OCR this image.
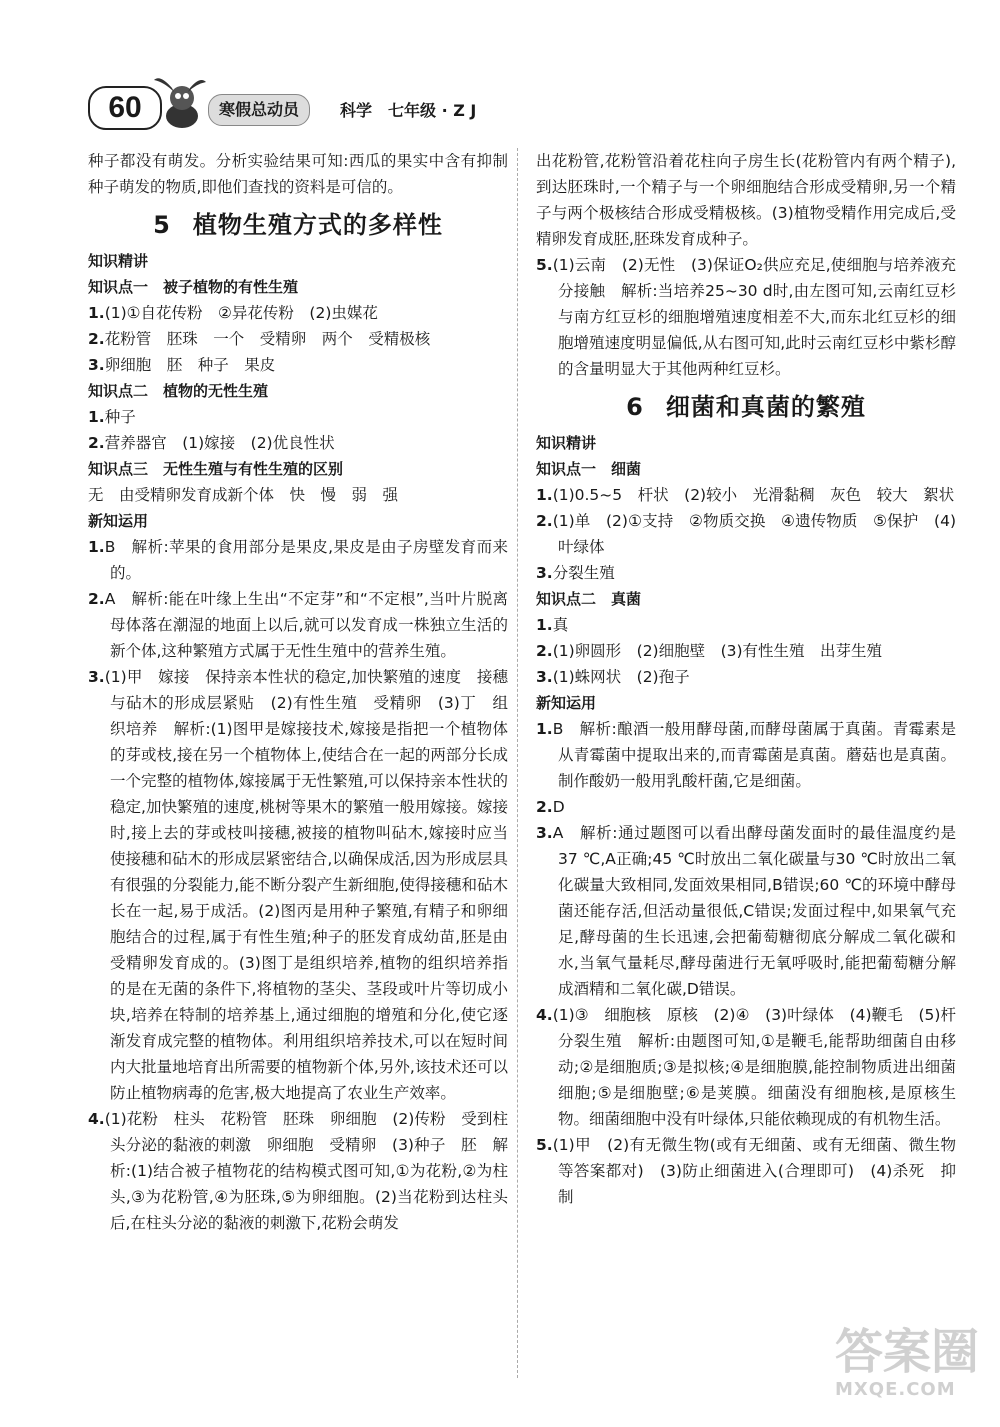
60	寒假总动员	科学　七年级 · Z J

种子都没有萌发。分析实验结果可知:西瓜的果实中含有抑制种子萌发的物质,即他们查找的资料是可信的。

5 植物生殖方式的多样性

知识精讲

知识点一　被子植物的有性生殖

1.(1)①自花传粉　②异花传粉　(2)虫媒花

2.花粉管　胚珠　一个　受精卵　两个　受精极核

3.卵细胞　胚　种子　果皮

知识点二　植物的无性生殖

1.种子

2.营养器官　(1)嫁接　(2)优良性状

知识点三　无性生殖与有性生殖的区别

无　由受精卵发育成新个体　快　慢　弱　强

新知运用

1.B　解析:苹果的食用部分是果皮,果皮是由子房壁发育而来的。

2.A　解析:能在叶缘上生出“不定芽”和“不定根”,当叶片脱离母体落在潮湿的地面上以后,就可以发育成一株独立生活的新个体,这种繁殖方式属于无性生殖中的营养生殖。

3.(1)甲　嫁接　保持亲本性状的稳定,加快繁殖的速度　接穗与砧木的形成层紧贴　(2)有性生殖　受精卵　(3)丁　组织培养　解析:(1)图甲是嫁接技术,嫁接是指把一个植物体的芽或枝,接在另一个植物体上,使结合在一起的两部分长成一个完整的植物体,嫁接属于无性繁殖,可以保持亲本性状的稳定,加快繁殖的速度,桃树等果木的繁殖一般用嫁接。嫁接时,接上去的芽或枝叫接穗,被接的植物叫砧木,嫁接时应当使接穗和砧木的形成层紧密结合,以确保成活,因为形成层具有很强的分裂能力,能不断分裂产生新细胞,使得接穗和砧木长在一起,易于成活。(2)图丙是用种子繁殖,有精子和卵细胞结合的过程,属于有性生殖;种子的胚发育成幼苗,胚是由受精卵发育成的。(3)图丁是组织培养,植物的组织培养指的是在无菌的条件下,将植物的茎尖、茎段或叶片等切成小块,培养在特制的培养基上,通过细胞的增殖和分化,使它逐渐发育成完整的植物体。利用组织培养技术,可以在短时间内大批量地培育出所需要的植物新个体,另外,该技术还可以防止植物病毒的危害,极大地提高了农业生产效率。

4.(1)花粉　柱头　花粉管　胚珠　卵细胞　(2)传粉　受到柱头分泌的黏液的刺激　卵细胞　受精卵　(3)种子　胚　解析:(1)结合被子植物花的结构模式图可知,①为花粉,②为柱头,③为花粉管,④为胚珠,⑤为卵细胞。(2)当花粉到达柱头后,在柱头分泌的黏液的刺激下,花粉会萌发

出花粉管,花粉管沿着花柱向子房生长(花粉管内有两个精子),到达胚珠时,一个精子与一个卵细胞结合形成受精卵,另一个精子与两个极核结合形成受精极核。(3)植物受精作用完成后,受精卵发育成胚,胚珠发育成种子。

5.(1)云南　(2)无性　(3)保证O₂供应充足,使细胞与培养液充分接触　解析:当培养25~30 d时,由左图可知,云南红豆杉与南方红豆杉的细胞增殖速度相差不大,而东北红豆杉的细胞增殖速度明显偏低,从右图可知,此时云南红豆杉中紫杉醇的含量明显大于其他两种红豆杉。

6 细菌和真菌的繁殖

知识精讲

知识点一　细菌

1.(1)0.5~5　杆状　(2)较小　光滑黏稠　灰色　较大　絮状

2.(1)单　(2)①支持　②物质交换　④遗传物质　⑤保护　(4)叶绿体

3.分裂生殖

知识点二　真菌

1.真

2.(1)卵圆形　(2)细胞壁　(3)有性生殖　出芽生殖

3.(1)蛛网状　(2)孢子

新知运用

1.B　解析:酿酒一般用酵母菌,而酵母菌属于真菌。青霉素是从青霉菌中提取出来的,而青霉菌是真菌。蘑菇也是真菌。制作酸奶一般用乳酸杆菌,它是细菌。

2.D

3.A　解析:通过题图可以看出酵母菌发面时的最佳温度约是37 ℃,A正确;45 ℃时放出二氧化碳量与30 ℃时放出二氧化碳量大致相同,发面效果相同,B错误;60 ℃的环境中酵母菌还能存活,但活动量很低,C错误;发面过程中,如果氧气充足,酵母菌的生长迅速,会把葡萄糖彻底分解成二氧化碳和水,当氧气量耗尽,酵母菌进行无氧呼吸时,能把葡萄糖分解成酒精和二氧化碳,D错误。

4.(1)③　细胞核　原核　(2)④　(3)叶绿体　(4)鞭毛　(5)杆　分裂生殖　解析:由题图可知,①是鞭毛,能帮助细菌自由移动;②是细胞质;③是拟核;④是细胞膜,能控制物质进出细菌细胞;⑤是细胞壁;⑥是荚膜。细菌没有细胞核,是原核生物。细菌细胞中没有叶绿体,只能依赖现成的有机物生活。

5.(1)甲　(2)有无微生物(或有无细菌、或有无细菌、微生物等答案都对)　(3)防止细菌进入(合理即可)　(4)杀死　抑制

答案圈
MXQE.COM
